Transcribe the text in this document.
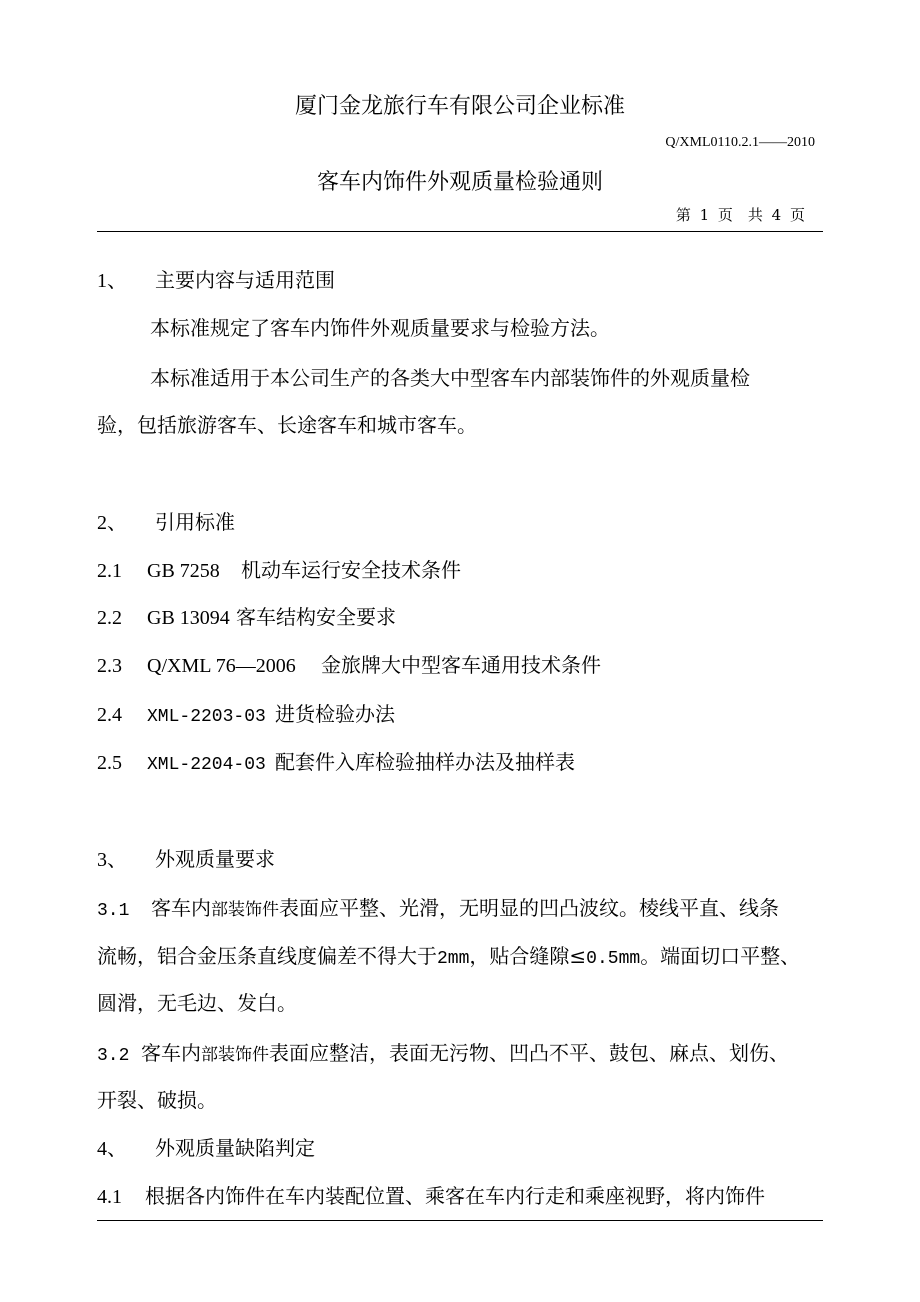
厦门金龙旅行车有限公司企业标准
Q/XML0110.2.1——2010
客车内饰件外观质量检验通则
第 1 页　共 4 页
1、 主要内容与适用范围
本标准规定了客车内饰件外观质量要求与检验方法。
本标准适用于本公司生产的各类大中型客车内部装饰件的外观质量检
验，包括旅游客车、长途客车和城市客车。
2、 引用标准
2.1 GB 7258 机动车运行安全技术条件
2.2 GB 13094 客车结构安全要求
2.3 Q/XML 76—2006 金旅牌大中型客车通用技术条件
2.4 XML-2203-03 进货检验办法
2.5 XML-2204-03 配套件入库检验抽样办法及抽样表
3、 外观质量要求
3.1 客车内部装饰件表面应平整、光滑，无明显的凹凸波纹。棱线平直、线条
流畅，铝合金压条直线度偏差不得大于2mm，贴合缝隙≤0.5mm。端面切口平整、
圆滑，无毛边、发白。
3.2 客车内部装饰件表面应整洁，表面无污物、凹凸不平、鼓包、麻点、划伤、
开裂、破损。
4、 外观质量缺陷判定
4.1 根据各内饰件在车内装配位置、乘客在车内行走和乘座视野，将内饰件
